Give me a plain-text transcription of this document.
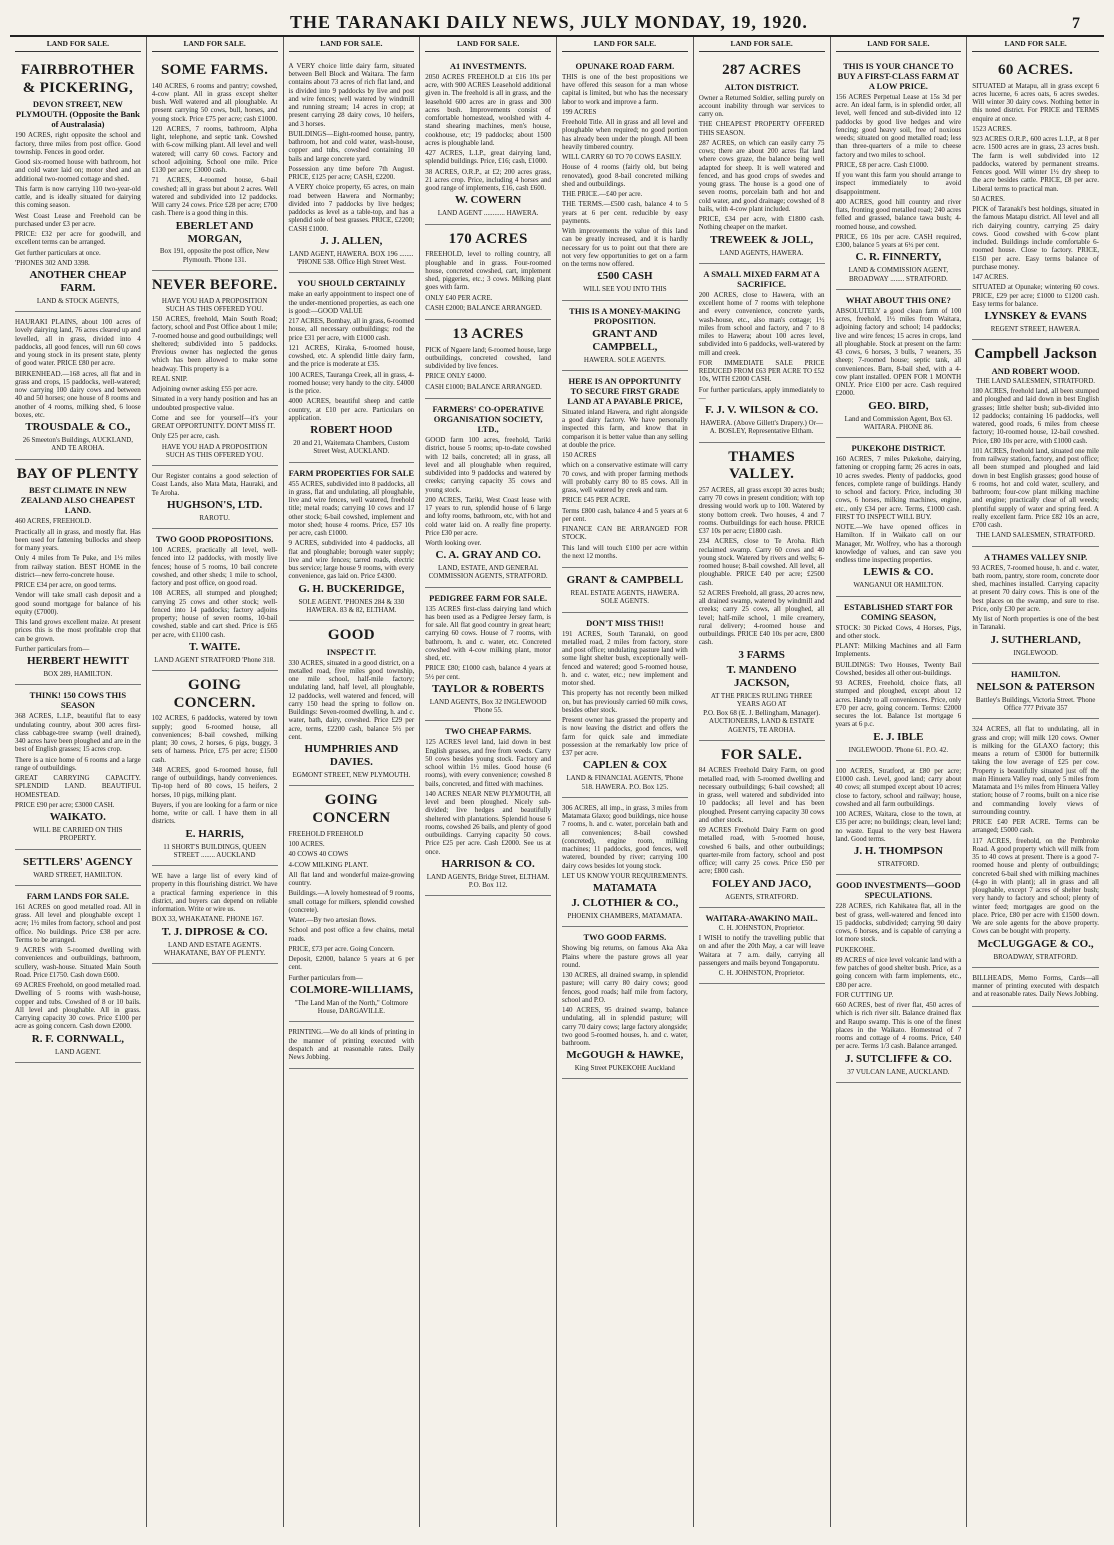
THE TARANAKI DAILY NEWS, JULY MONDAY, 19, 1920.	7
LAND FOR SALE.
FAIRBROTHER & PICKERING,
DEVON STREET, NEW PLYMOUTH. (Opposite the Bank of Australasia)

190 ACRES, right opposite the school and factory, three miles from post office. Good township. Fences in good order.

Good six-roomed house with bathroom, hot and cold water laid on; motor shed and an additional two-roomed cottage and shed.

This farm is now carrying 110 two-year-old cattle, and is ideally situated for dairying this coming season.

West Coast Lease and Freehold can be purchased under £3 per acre.

PRICE: £32 per acre for goodwill, and excellent terms can be arranged.

Get further particulars at once.

'PHONES 302 AND 3398.

ANOTHER CHEAP FARM.
LAND & STOCK AGENTS,

HAURAKI PLAINS, about 100 acres of lovely dairying land, 76 acres cleared up and levelled, all in grass, divided into 4 paddocks, all good fences, will run 60 cows and young stock in its present state, plenty of good water. PRICE £80 per acre.

BIRKENHEAD.—168 acres, all flat and in grass and crops, 15 paddocks, well-watered; now carrying 100 dairy cows and between 40 and 50 horses; one house of 8 rooms and another of 4 rooms, milking shed, 6 loose boxes, etc.

TROUSDALE & CO.,
26 Smeeton's Buildings, AUCKLAND, AND TE AROHA.
BAY OF PLENTY
BEST CLIMATE IN NEW ZEALAND ALSO CHEAPEST LAND.

460 ACRES, FREEHOLD.

Practically all in grass, and mostly flat. Has been used for fattening bullocks and sheep for many years.

Only 4 miles from Te Puke, and 1½ miles from railway station. BEST HOME in the district—new ferro-concrete house.

PRICE £34 per acre, on good terms.

Vendor will take small cash deposit and a good sound mortgage for balance of his equity (£7000).

This land grows excellent maize. At present prices this is the most profitable crop that can be grown.

Further particulars from—

HERBERT HEWITT
BOX 289, HAMILTON.
THINK! 150 COWS THIS SEASON

368 ACRES, L.I.P., beautiful flat to easy undulating country, about 300 acres first-class cabbage-tree swamp (well drained), 340 acres have been ploughed and are in the best of English grasses; 15 acres crop.

There is a nice home of 6 rooms and a large range of outbuildings.

GREAT CARRYING CAPACITY. SPLENDID LAND. BEAUTIFUL HOMESTEAD.

PRICE £90 per acre; £3000 CASH.

WAIKATO.
WILL BE CARRIED ON THIS PROPERTY.
SETTLERS' AGENCY
WARD STREET, HAMILTON.
FARM LANDS FOR SALE.

161 ACRES on good metalled road. All in grass. All level and ploughable except 1 acre; 1½ miles from factory, school and post office. No buildings. Price £38 per acre. Terms to be arranged.

9 ACRES with 5-roomed dwelling with conveniences and outbuildings, bathroom, scullery, wash-house. Situated Main South Road. Price £1750. Cash down £600.

69 ACRES Freehold, on good metalled road. Dwelling of 5 rooms with wash-house, copper and tubs. Cowshed of 8 or 10 bails. All level and ploughable. All in grass. Carrying capacity 30 cows. Price £100 per acre as going concern. Cash down £2000.

R. F. CORNWALL,
LAND AGENT.
LAND FOR SALE.
SOME FARMS.

140 ACRES, 6 rooms and pantry; cowshed, 4-cow plant. All in grass except shelter bush. Well watered and all ploughable. At present carrying 50 cows, bull, horses, and young stock. Price £75 per acre; cash £1000.

120 ACRES, 7 rooms, bathroom, Alpha light, telephone, and septic tank. Cowshed with 6-cow milking plant. All level and well watered; will carry 60 cows. Factory and school adjoining. School one mile. Price £130 per acre; £3000 cash.

71 ACRES, 4-roomed house, 6-bail cowshed; all in grass but about 2 acres. Well watered and subdivided into 12 paddocks. Will carry 24 cows. Price £28 per acre; £700 cash. There is a good thing in this.

EBERLET AND MORGAN,
Box 191, opposite the post office, New Plymouth. 'Phone 131.
NEVER BEFORE.
HAVE YOU HAD A PROPOSITION SUCH AS THIS OFFERED YOU.

150 ACRES, freehold, Main South Road; factory, school and Post Office about 1 mile; 7-roomed house and good outbuildings; well sheltered; subdivided into 5 paddocks. Previous owner has neglected the genus which has been allowed to make some headway. This property is a

REAL SNIP.

Adjoining owner asking £55 per acre.

Situated in a very handy position and has an undoubted prospective value.

Come and see for yourself—it's your GREAT OPPORTUNITY. DON'T MISS IT.

Only £25 per acre, cash.

HAVE YOU HAD A PROPOSITION SUCH AS THIS OFFERED YOU.

Our Register contains a good selection of Coast Lands, also Mata Mata, Hauraki, and Te Aroha.

HUGHSON'S, LTD.
RAROTU.
TWO GOOD PROPOSITIONS.

100 ACRES, practically all level, well-fenced into 12 paddocks, with mostly live fences; house of 5 rooms, 10 bail concrete cowshed, and other sheds; 1 mile to school, factory and post office, on good road.

108 ACRES, all stumped and ploughed; carrying 25 cows and other stock; well-fenced into 14 paddocks; factory adjoins property; house of seven rooms, 10-bail cowshed, stable and cart shed. Price is £65 per acre, with £1100 cash.

T. WAITE.
LAND AGENT STRATFORD 'Phone 318.
GOING CONCERN.

102 ACRES, 6 paddocks, watered by town supply; good 6-roomed house, all conveniences; 8-bail cowshed, milking plant; 30 cows, 2 horses, 6 pigs, buggy, 3 sets of harness. Price, £75 per acre; £1500 cash.

348 ACRES, good 6-roomed house, full range of outbuildings, handy conveniences. Tip-top herd of 80 cows, 15 heifers, 2 horses, 10 pigs, milking plant.

Buyers, if you are looking for a farm or nice home, write or call. I have them in all districts.

E. HARRIS,
11 SHORT'S BUILDINGS, QUEEN STREET ........ AUCKLAND

WE have a large list of every kind of property in this flourishing district. We have a practical farming experience in this district, and buyers can depend on reliable information. Write or wire us.

BOX 33, WHAKATANE. PHONE 167.

T. J. DIPROSE & CO.
LAND AND ESTATE AGENTS. WHAKATANE, BAY OF PLENTY.
LAND FOR SALE.

A VERY choice little dairy farm, situated between Bell Block and Waitara. The farm contains about 73 acres of rich flat land, and is divided into 9 paddocks by live and post and wire fences; well watered by windmill and running stream; 14 acres in crop; at present carrying 28 dairy cows, 10 heifers, and 3 horses.

BUILDINGS—Eight-roomed house, pantry, bathroom, hot and cold water, wash-house, copper and tubs, cowshed containing 10 bails and large concrete yard.

Possession any time before 7th August. PRICE, £125 per acre; CASH, £2200.

A VERY choice property, 65 acres, on main road between Hawera and Normanby; divided into 7 paddocks by live hedges; paddocks as level as a table-top, and has a splendid sole of best grasses. PRICE, £2200; CASH £1000.

J. J. ALLEN,
LAND AGENT, HAWERA. BOX 196 ........ 'PHONE 538. Office High Street West.
YOU SHOULD CERTAINLY

make an early appointment to inspect one of the under-mentioned properties, as each one is good:—GOOD VALUE

217 ACRES, Bombay, all in grass, 6-roomed house, all necessary outbuildings; rod the price £31 per acre, with £1000 cash.

121 ACRES, Kiraka, 6-roomed house, cowshed, etc. A splendid little dairy farm, and the price is moderate at £35.

100 ACRES, Tauranga Creek, all in grass, 4-roomed house; very handy to the city. £4000 is the price.

4000 ACRES, beautiful sheep and cattle country, at £10 per acre. Particulars on application.

ROBERT HOOD
20 and 21, Waitemata Chambers, Custom Street West, AUCKLAND.
FARM PROPERTIES FOR SALE

455 ACRES, subdivided into 8 paddocks, all in grass, flat and undulating, all ploughable, live and wire fences, well watered, freehold title; metal roads; carrying 10 cows and 17 other stock; 6-bail cowshed, implement and motor shed; house 4 rooms. Price, £57 10s per acre, cash £1000.

9 ACRES, subdivided into 4 paddocks, all flat and ploughable; borough water supply; live and wire fences; tarred roads, electric bus service; large house 9 rooms, with every convenience, gas laid on. Price £4300.

G. H. BUCKERIDGE,
SOLE AGENT. 'PHONES 284 & 330 HAWERA. 83 & 82, ELTHAM.
GOOD
INSPECT IT.

330 ACRES, situated in a good district, on a metalled road, five miles good township, one mile school, half-mile factory; undulating land, half level, all ploughable, 12 paddocks, well watered and fenced, will carry 150 head the spring to follow on. Buildings: Seven-roomed dwelling, h. and c. water, bath, dairy, cowshed. Price £29 per acre, terms, £2200 cash, balance 5½ per cent.

HUMPHRIES AND DAVIES.
EGMONT STREET, NEW PLYMOUTH.
GOING CONCERN

FREEHOLD FREEHOLD

100 ACRES.

40 COWS 40 COWS

4-COW MILKING PLANT.

All flat land and wonderful maize-growing country.

Buildings.—A lovely homestead of 9 rooms, small cottage for milkers, splendid cowshed (concrete).

Water.—By two artesian flows.

School and post office a few chains, metal roads.

PRICE, £73 per acre. Going Concern.

Deposit, £2000, balance 5 years at 6 per cent.

Further particulars from—

COLMORE-WILLIAMS,
"The Land Man of the North," Coltmore House, DARGAVILLE.

PRINTING.—We do all kinds of printing in the manner of printing executed with despatch and at reasonable rates. Daily News Jobbing.

LAND FOR SALE.
A1 INVESTMENTS.

2050 ACRES FREEHOLD at £16 10s per acre, with 900 ACRES Leasehold additional given in. The freehold is all in grass, and the leasehold 600 acres are in grass and 300 acres bush. Improvements consist of comfortable homestead, woolshed with 4-stand shearing machines, men's house, cookhouse, etc; 19 paddocks; about 1500 acres is ploughable land.

427 ACRES, L.I.P., great dairying land, splendid buildings. Price, £16; cash, £1000.

38 ACRES, O.R.P., at £2; 200 acres grass, 21 acres crop. Price, including 4 horses and good range of implements, £16, cash £600.

W. COWERN
LAND AGENT ............ HAWERA.
170 ACRES

FREEHOLD, level to rolling country, all ploughable and in grass. Four-roomed house, concreted cowshed, cart, implement shed, piggeries, etc.; 3 cows. Milking plant goes with farm.

ONLY £40 PER ACRE.

CASH £2000; BALANCE ARRANGED.

13 ACRES

PICK of Ngaere land; 6-roomed house, large outbuildings, concreted cowshed, land subdivided by live fences.

PRICE ONLY £4000.

CASH £1000; BALANCE ARRANGED.

FARMERS' CO-OPERATIVE ORGANISATION SOCIETY, LTD.,

GOOD farm 100 acres, freehold, Tariki district, house 5 rooms; up-to-date cowshed with 12 bails, concreted; all in grass, all level and all ploughable when required, subdivided into 9 paddocks and watered by creeks; carrying capacity 35 cows and young stock.

200 ACRES, Tariki, West Coast lease with 17 years to run, splendid house of 6 large and lofty rooms, bathroom, etc, with hot and cold water laid on. A really fine property. Price £30 per acre.

Worth looking over.

C. A. GRAY AND CO.
LAND, ESTATE, AND GENERAL COMMISSION AGENTS, STRATFORD.
PEDIGREE FARM FOR SALE.

135 ACRES first-class dairying land which has been used as a Pedigree Jersey farm, is for sale. All flat good country in great heart; carrying 60 cows. House of 7 rooms, with bathroom, h. and c. water, etc. Concreted cowshed with 4-cow milking plant, motor shed, etc.

PRICE £80; £1000 cash, balance 4 years at 5½ per cent.

TAYLOR & ROBERTS
LAND AGENTS, Box 32 INGLEWOOD 'Phone 55.
TWO CHEAP FARMS.

125 ACRES level land, laid down in best English grasses, and free from weeds. Carry 50 cows besides young stock. Factory and school within 1½ miles. Good house (6 rooms), with every convenience; cowshed 8 bails, concreted, and fitted with machines.

140 ACRES NEAR NEW PLYMOUTH, all level and been ploughed. Nicely sub-divided; live hedges and beautifully sheltered with plantations. Splendid house 6 rooms, cowshed 26 bails, and plenty of good outbuildings. Carrying capacity 50 cows. Price £25 per acre. Cash £2000. See us at once.

HARRISON & CO.
LAND AGENTS, Bridge Street, ELTHAM. P.O. Box 112.
LAND FOR SALE.
OPUNAKE ROAD FARM.

THIS is one of the best propositions we have offered this season for a man whose capital is limited, but who has the necessary labor to work and improve a farm.

199 ACRES

Freehold Title. All in grass and all level and ploughable when required; no good portion has already been under the plough. All been heavily timbered country.

WILL CARRY 60 TO 70 COWS EASILY.

House of 4 rooms (fairly old, but being renovated), good 8-bail concreted milking shed and outbuildings.

THE PRICE.—£40 per acre.

THE TERMS.—£500 cash, balance 4 to 5 years at 6 per cent. reducible by easy payments.

With improvements the value of this land can be greatly increased, and it is hardly necessary for us to point out that there are not very few opportunities to get on a farm on the terms now offered.

£500 CASH
WILL SEE YOU INTO THIS
THIS IS A MONEY-MAKING PROPOSITION.
GRANT AND CAMPBELL,
HAWERA. SOLE AGENTS.
HERE IS AN OPPORTUNITY TO SECURE FIRST GRADE LAND AT A PAYABLE PRICE,

Situated inland Hawera, and right alongside a good dairy factory. We have personally inspected this farm, and know that in comparison it is better value than any selling at double the price.

150 ACRES

which on a conservative estimate will carry 70 cows, and with proper farming methods will probably carry 80 to 85 cows. All in grass, well watered by creek and ram.

PRICE £45 PER ACRE.

Terms £800 cash, balance 4 and 5 years at 6 per cent.

FINANCE CAN BE ARRANGED FOR STOCK.

This land will touch £100 per acre within the next 12 months.

GRANT & CAMPBELL
REAL ESTATE AGENTS, HAWERA. SOLE AGENTS.
DON'T MISS THIS!!

191 ACRES, South Taranaki, on good metalled road, 2 miles from factory, store and post office; undulating pasture land with some light shelter bush, exceptionally well-fenced and watered; good 5-roomed house, h. and c. water, etc.; new implement and motor shed.

This property has not recently been milked on, but has previously carried 60 milk cows, besides other stock.

Present owner has grassed the property and is now leaving the district and offers the farm for quick sale and immediate possession at the remarkably low price of £37 per acre.

CAPLEN & COX
LAND & FINANCIAL AGENTS, 'Phone 518. HAWERA. P.O. Box 125.

306 ACRES, all imp., in grass, 3 miles from Matamata Glaxo; good buildings, nice house 7 rooms, h. and c. water, porcelain bath and all conveniences; 8-bail cowshed (concreted), engine room, milking machines; 11 paddocks, good fences, well watered, bounded by river; carrying 100 dairy cows besides lot young stock.

LET US KNOW YOUR REQUIREMENTS.

MATAMATA
J. CLOTHIER & CO.,
PHOENIX CHAMBERS, MATAMATA.
TWO GOOD FARMS.

Showing big returns, on famous Aka Aka Plains where the pasture grows all year round.

130 ACRES, all drained swamp, in splendid pasture; will carry 80 dairy cows; good fences, good roads; half mile from factory, school and P.O.

140 ACRES, 95 drained swamp, balance undulating, all in splendid pasture; will carry 70 dairy cows; large factory alongside; two good 5-roomed houses, h. and c. water, bathroom.

McGOUGH & HAWKE,
King Street PUKEKOHE Auckland
LAND FOR SALE.
287 ACRES
ALTON DISTRICT.

Owner a Returned Soldier, selling purely on account inability through war services to carry on.

THE CHEAPEST PROPERTY OFFERED THIS SEASON.

287 ACRES, on which can easily carry 75 cows; there are about 200 acres flat land where cows graze, the balance being well adapted for sheep. It is well watered and fenced, and has good crops of swedes and young grass. The house is a good one of seven rooms, porcelain bath and hot and cold water, and good drainage; cowshed of 8 bails, with 4-cow plant included.

PRICE, £34 per acre, with £1800 cash. Nothing cheaper on the market.

TREWEEK & JOLL,
LAND AGENTS, HAWERA.
A SMALL MIXED FARM AT A SACRIFICE.

200 ACRES, close to Hawera, with an excellent home of 7 rooms with telephone and every convenience, concrete yards, wash-house, etc., also man's cottage; 1½ miles from school and factory, and 7 to 8 miles to Hawera; about 100 acres level, subdivided into 6 paddocks, well-watered by mill and creek.

FOR IMMEDIATE SALE PRICE REDUCED FROM £63 PER ACRE TO £52 10s, WITH £2000 CASH.

For further particulars, apply immediately to—

F. J. V. WILSON & CO.
HAWERA. (Above Gillett's Drapery.) Or— A. BOSLEY, Representative Eltham.
THAMES VALLEY.

257 ACRES, all grass except 30 acres bush; carry 70 cows in present condition; with top dressing would work up to 100. Watered by stony bottom creek. Two houses, 4 and 7 rooms. Outbuildings for each house. PRICE £37 10s per acre; £1800 cash.

234 ACRES, close to Te Aroha. Rich reclaimed swamp. Carry 60 cows and 40 young stock. Watered by rivers and wells; 6-roomed house; 8-bail cowshed. All level, all ploughable. PRICE £40 per acre; £2500 cash.

52 ACRES Freehold, all grass, 20 acres new, all drained swamp, watered by windmill and creeks; carry 25 cows, all ploughed, all level; half-mile school, 1 mile creamery, rural delivery; 4-roomed house and outbuildings. PRICE £40 10s per acre, £800 cash.

3 FARMS
T. MANDENO JACKSON,
AT THE PRICES RULING THREE YEARS AGO AT
P.O. Box 68 (E. J. Bellingham, Manager). AUCTIONEERS, LAND & ESTATE AGENTS, TE AROHA.
FOR SALE.

84 ACRES Freehold Dairy Farm, on good metalled road, with 5-roomed dwelling and necessary outbuildings; 6-bail cowshed; all in grass, well watered and subdivided into 10 paddocks; all level and has been ploughed. Present carrying capacity 30 cows and other stock.

69 ACRES Freehold Dairy Farm on good metalled road, with 5-roomed house, cowshed 6 bails, and other outbuildings; quarter-mile from factory, school and post office; will carry 25 cows. Price £50 per acre; £800 cash.

FOLEY AND JACO,
AGENTS, STRATFORD.
WAITARA-AWAKINO MAIL.
C. H. JOHNSTON, Proprietor.

I WISH to notify the travelling public that on and after the 20th May, a car will leave Waitara at 7 a.m. daily, carrying all passengers and mails beyond Tongaporutu.

C. H. JOHNSTON, Proprietor.
LAND FOR SALE.
THIS IS YOUR CHANCE TO BUY A FIRST-CLASS FARM AT A LOW PRICE.

156 ACRES Perpetual Lease at 15s 3d per acre. An ideal farm, is in splendid order, all level, well fenced and sub-divided into 12 paddocks by good live hedges and wire fencing; good heavy soil, free of noxious weeds; situated on good metalled road; less than three-quarters of a mile to cheese factory and two miles to school.

PRICE, £8 per acre. Cash £1000.

If you want this farm you should arrange to inspect immediately to avoid disappointment.

400 ACRES, good hill country and river flats, fronting good metalled road; 240 acres felled and grassed, balance tawa bush; 4-roomed house, and cowshed.

PRICE, £6 10s per acre. CASH required, £300, balance 5 years at 6½ per cent.

C. R. FINNERTY,
LAND & COMMISSION AGENT, BROADWAY ........ STRATFORD.
WHAT ABOUT THIS ONE?

ABSOLUTELY a good clean farm of 100 acres, freehold, 1½ miles from Waitara, adjoining factory and school; 14 paddocks; live and wire fences; 15 acres in crops, land all ploughable. Stock at present on the farm: 43 cows, 6 horses, 3 bulls, 7 weaners, 35 sheep; 7-roomed house; septic tank, all conveniences. Barn, 8-bail shed, with a 4-cow plant installed. OPEN FOR 1 MONTH ONLY. Price £100 per acre. Cash required £2000.

GEO. BIRD,
Land and Commission Agent, Box 63. WAITARA. PHONE 86.
PUKEKOHE DISTRICT.

160 ACRES, 7 miles Pukekohe, dairying, fattening or cropping farm; 26 acres in oats, 10 acres swedes. Plenty of paddocks, good fences, complete range of buildings. Handy to school and factory. Price, including 30 cows, 6 horses, milking machines, engine, etc., only £34 per acre. Terms, £1000 cash. FIRST TO INSPECT WILL BUY.

NOTE.—We have opened offices in Hamilton. If in Waikato call on our Manager, Mr. Wolfrey, who has a thorough knowledge of values, and can save you endless time inspecting properties.

LEWIS & CO.
WANGANUI OR HAMILTON.
ESTABLISHED START FOR COMING SEASON,

STOCK: 30 Picked Cows, 4 Horses, Pigs, and other stock.

PLANT: Milking Machines and all Farm Implements.

BUILDINGS: Two Houses, Twenty Bail Cowshed, besides all other out-buildings.

93 ACRES, Freehold, choice flats, all stumped and ploughed, except about 12 acres. Handy to all conveniences. Price, only £70 per acre, going concern. Terms: £2000 secures the lot. Balance 1st mortgage 6 years at 6 p.c.

E. J. IBLE
INGLEWOOD. 'Phone 61. P.O. 42.

100 ACRES, Stratford, at £80 per acre; £1000 cash. Level, good land; carry about 40 cows; all stumped except about 10 acres; close to factory, school and railway; house, cowshed and all farm outbuildings.

100 ACRES, Waitara, close to the town, at £35 per acre; no buildings; clean, level land; no waste. Equal to the very best Hawera land. Good terms.

J. H. THOMPSON
STRATFORD.
GOOD INVESTMENTS—GOOD SPECULATIONS.

228 ACRES, rich Kahikatea flat, all in the best of grass, well-watered and fenced into 15 paddocks, subdivided; carrying 90 dairy cows, 6 horses, and is capable of carrying a lot more stock.

PUKEKOHE.

89 ACRES of nice level volcanic land with a few patches of good shelter bush. Price, as a going concern with farm implements, etc., £80 per acre.

FOR CUTTING UP.

660 ACRES, best of river flat, 450 acres of which is rich river silt. Balance drained flax and Raupo swamp. This is one of the finest places in the Waikato. Homestead of 7 rooms and cottage of 4 rooms. Price, £40 per acre. Terms 1/3 cash. Balance arranged.

J. SUTCLIFFE & CO.
37 VULCAN LANE, AUCKLAND.
LAND FOR SALE.
60 ACRES.

SITUATED at Matapu, all in grass except 6 acres lucerne, 6 acres oats, 6 acres swedes. Will winter 30 dairy cows. Nothing better in this noted district. For PRICE and TERMS enquire at once.

1523 ACRES.

923 ACRES O.R.P., 600 acres L.I.P., at 8 per acre. 1500 acres are in grass, 23 acres bush. The farm is well subdivided into 12 paddocks, watered by permanent streams. Fences good. Will winter 1½ dry sheep to the acre besides cattle. PRICE, £8 per acre. Liberal terms to practical man.

50 ACRES.

PICK of Taranaki's best holdings, situated in the famous Matapu district. All level and all rich dairying country, carrying 25 dairy cows. Good cowshed with 6-cow plant included. Buildings include comfortable 6-roomed house. Close to factory. PRICE, £150 per acre. Easy terms balance of purchase money.

147 ACRES.

SITUATED at Opunake; wintering 60 cows. PRICE, £29 per acre; £1000 to £1200 cash. Easy terms for balance.

LYNSKEY & EVANS
REGENT STREET, HAWERA.
Campbell Jackson
AND ROBERT WOOD.
THE LAND SALESMEN, STRATFORD.

180 ACRES, freehold land, all been stumped and ploughed and laid down in best English grasses; little shelter bush; sub-divided into 12 paddocks; containing 16 paddocks, well watered, good roads, 6 miles from cheese factory; 10-roomed house, 12-bail cowshed. Price, £80 10s per acre, with £1000 cash.

101 ACRES, freehold land, situated one mile from railway station, factory, and post office; all been stumped and ploughed and laid down in best English grasses; good house of 6 rooms, hot and cold water, scullery, and bathroom; four-cow plant milking machine and engine; practically clear of all weeds; plentiful supply of water and spring feed. A really excellent farm. Price £82 10s an acre, £700 cash.

THE LAND SALESMEN, STRATFORD.
A THAMES VALLEY SNIP.

93 ACRES, 7-roomed house, h. and c. water, bath room, pantry, store room, concrete door shed, machines installed. Carrying capacity at present 70 dairy cows. This is one of the best places on the swamp, and sure to rise. Price, only £30 per acre.

My list of North properties is one of the best in Taranaki.

J. SUTHERLAND,
INGLEWOOD.
HAMILTON.
NELSON & PATERSON
Battley's Buildings, Victoria Street. 'Phone Office 777 Private 357

324 ACRES, all flat to undulating, all in grass and crop; will milk 120 cows. Owner is milking for the GLAXO factory; this means a return of £3000 for buttermilk taking the low average of £25 per cow. Property is beautifully situated just off the main Hinuera Valley road, only 5 miles from Matamata and 1½ miles from Hinuera Valley station; house of 7 rooms, built on a nice rise and commanding lovely views of surrounding country.

PRICE £40 PER ACRE. Terms can be arranged; £5000 cash.

117 ACRES, freehold, on the Pembroke Road. A good property which will milk from 35 to 40 cows at present. There is a good 7-roomed house and plenty of outbuildings; concreted 6-bail shed with milking machines (4-go in with plant); all in grass and all ploughable, except 7 acres of shelter bush; very handy to factory and school; plenty of winter feed; mortgages are good on the place. Price, £80 per acre with £1500 down. We are sole agents for the above property. Cows can be bought with property.

McCLUGGAGE & CO.,
BROADWAY, STRATFORD.

BILLHEADS, Memo Forms, Cards—all manner of printing executed with despatch and at reasonable rates. Daily News Jobbing.
